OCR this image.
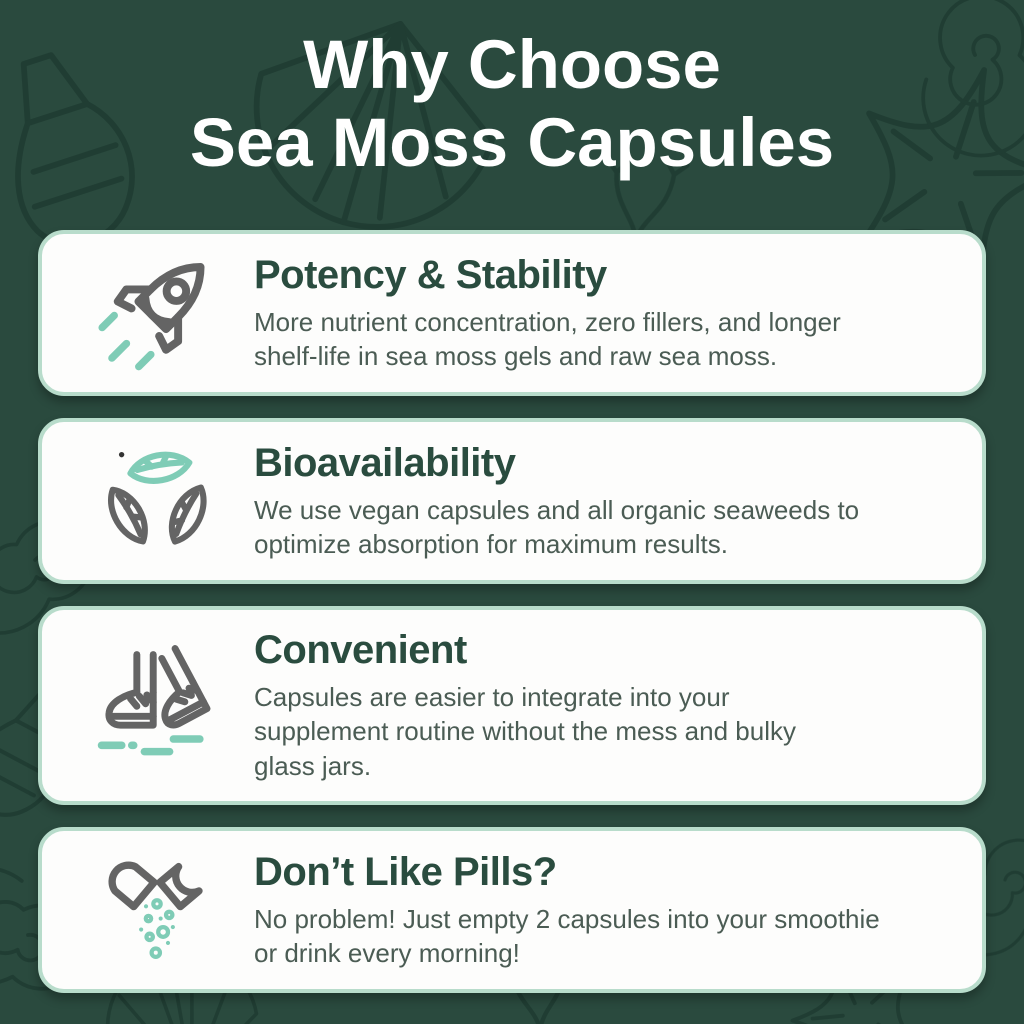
Why Choose
Sea Moss Capsules
Potency & Stability

More nutrient concentration, zero fillers, and longer shelf-life in sea moss gels and raw sea moss.

Bioavailability

We use vegan capsules and all organic seaweeds to optimize absorption for maximum results.

Convenient

Capsules are easier to integrate into your supplement routine without the mess and bulky glass jars.

Don’t Like Pills?

No problem! Just empty 2 capsules into your smoothie or drink every morning!
